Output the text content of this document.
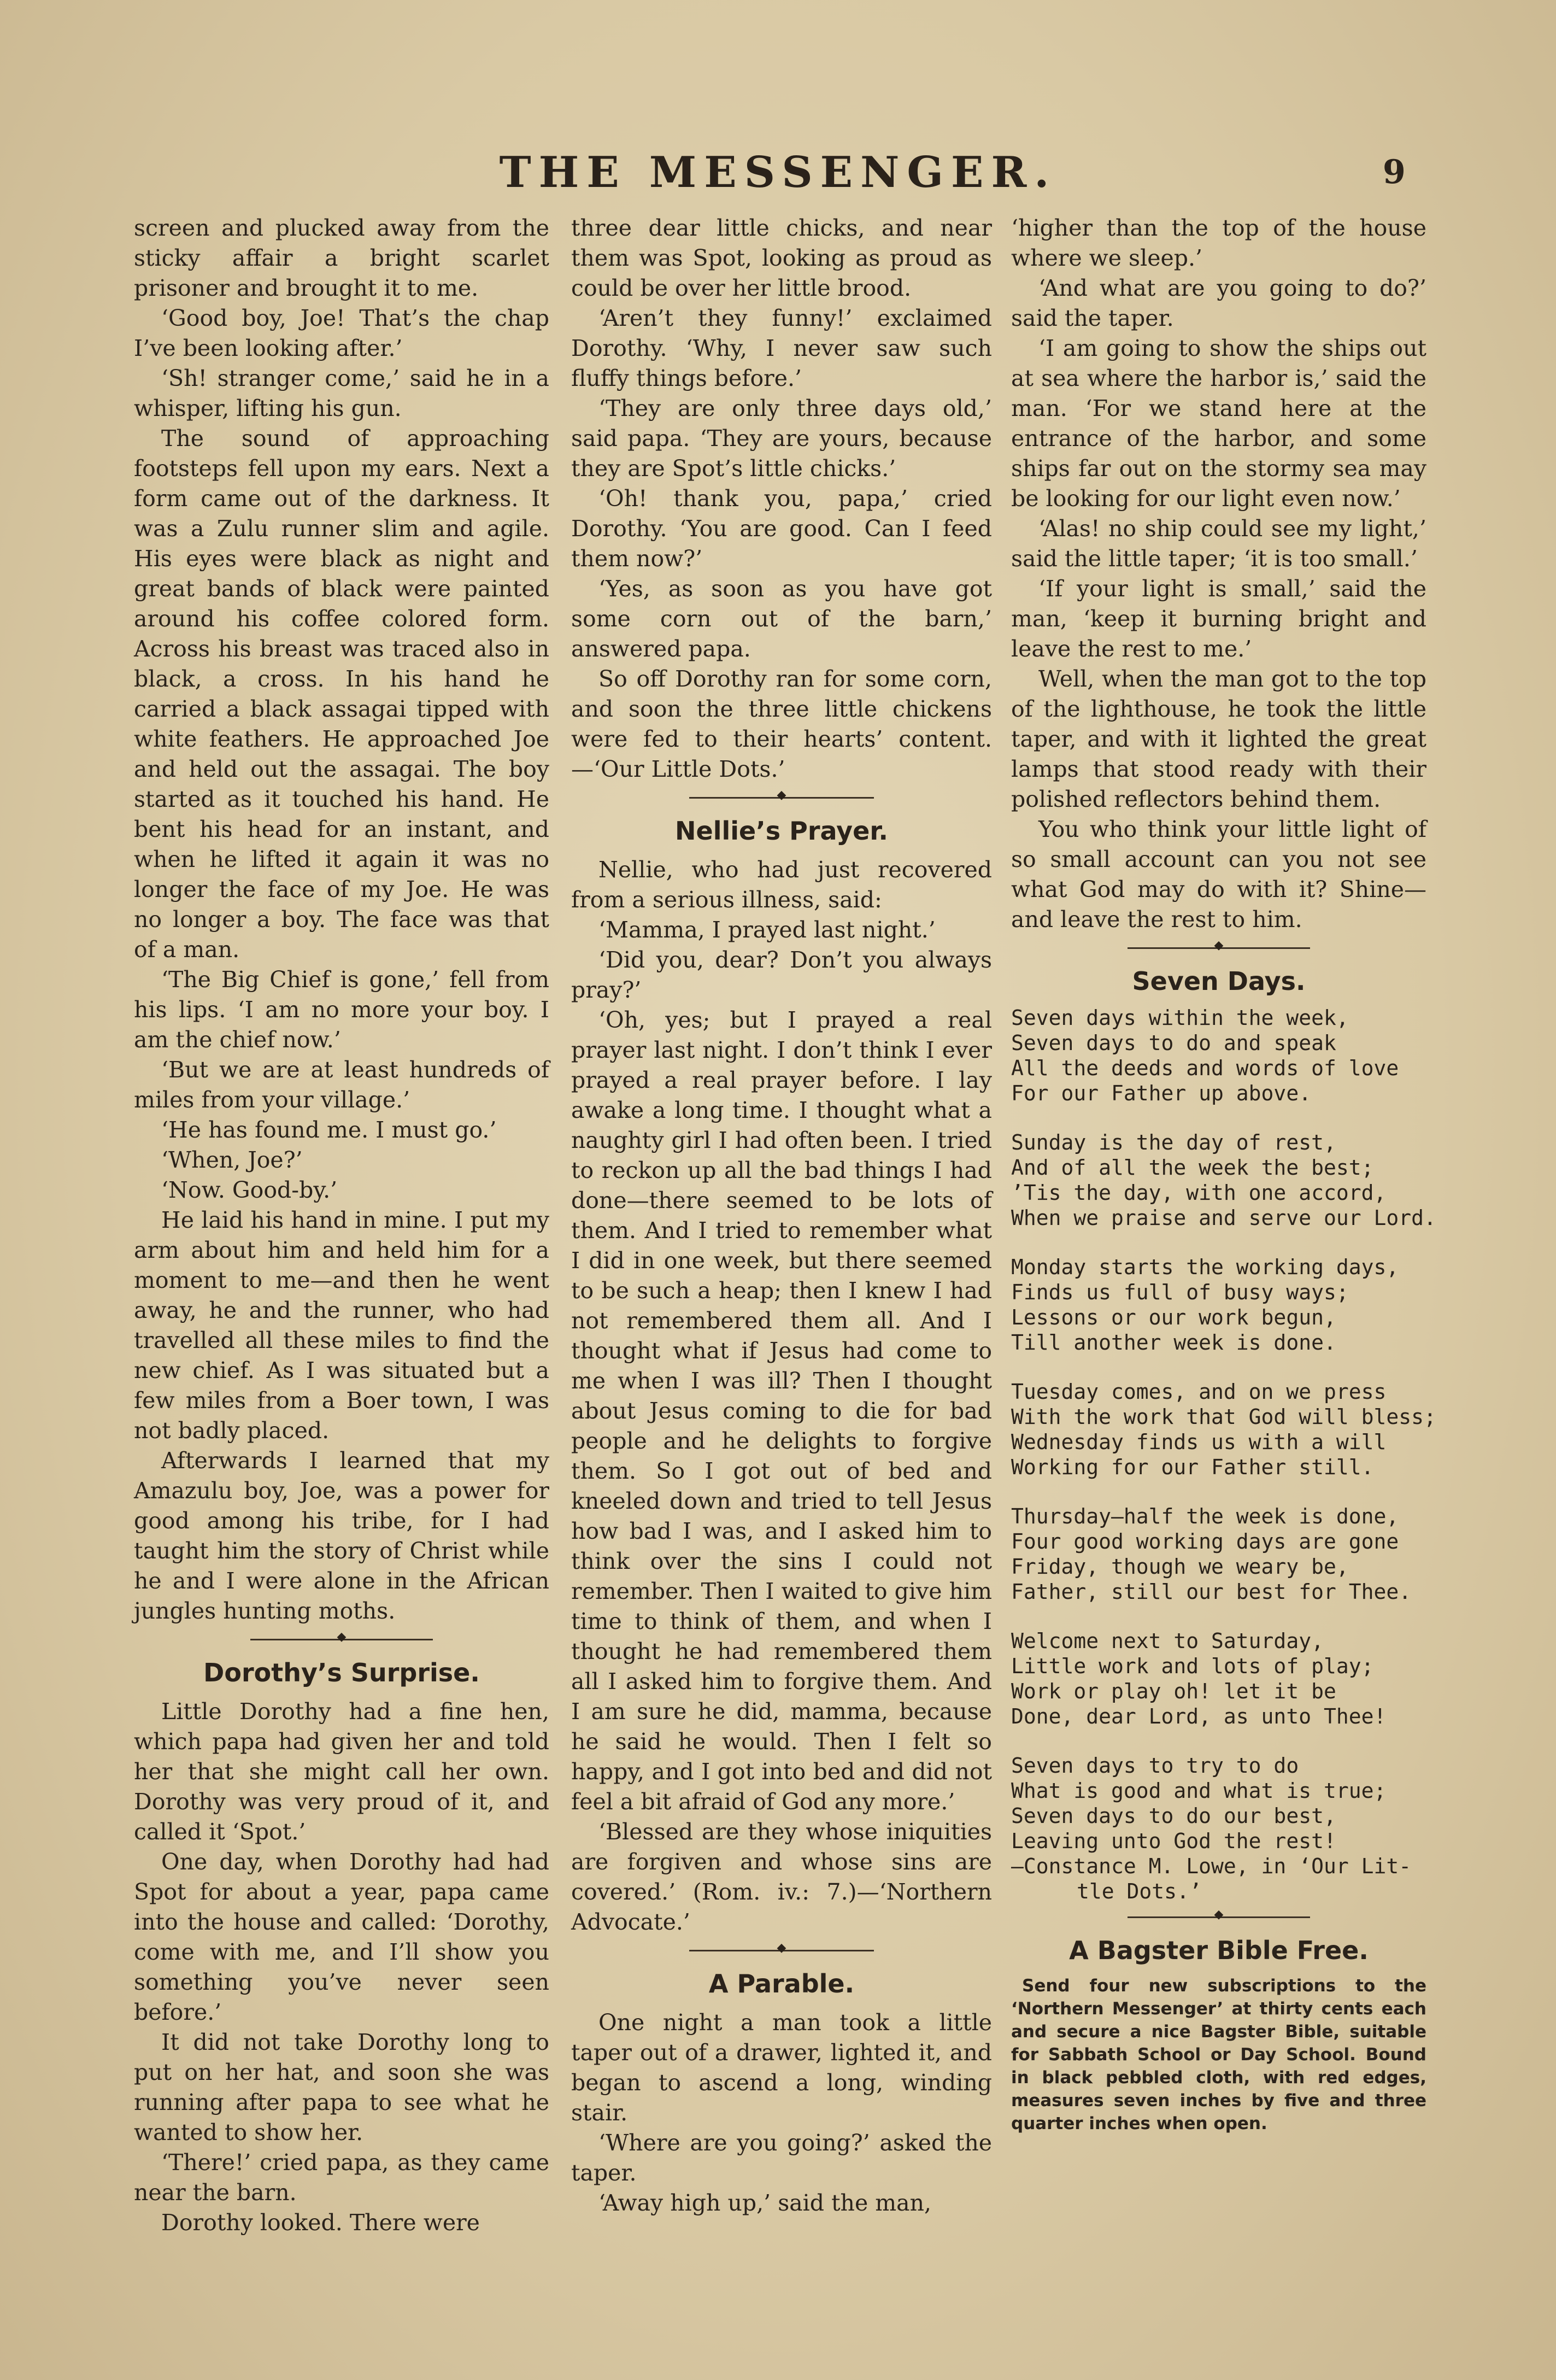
THE MESSENGER.	9

screen and plucked away from the sticky affair a bright scarlet prisoner and brought it to me.

‘Good boy, Joe! That’s the chap I’ve been looking after.’

‘Sh! stranger come,’ said he in a whisper, lifting his gun.

The sound of approaching footsteps fell upon my ears. Next a form came out of the darkness. It was a Zulu runner slim and agile. His eyes were black as night and great bands of black were painted around his coffee colored form. Across his breast was traced also in black, a cross. In his hand he carried a black assagai tipped with white feathers. He approached Joe and held out the assagai. The boy started as it touched his hand. He bent his head for an instant, and when he lifted it again it was no longer the face of my Joe. He was no longer a boy. The face was that of a man.

‘The Big Chief is gone,’ fell from his lips. ‘I am no more your boy. I am the chief now.’

‘But we are at least hundreds of miles from your village.’

‘He has found me. I must go.’

‘When, Joe?’

‘Now. Good-by.’

He laid his hand in mine. I put my arm about him and held him for a moment to me—and then he went away, he and the runner, who had travelled all these miles to find the new chief. As I was situated but a few miles from a Boer town, I was not badly placed.

Afterwards I learned that my Amazulu boy, Joe, was a power for good among his tribe, for I had taught him the story of Christ while he and I were alone in the African jungles hunting moths.

◆
Dorothy’s Surprise.

Little Dorothy had a fine hen, which papa had given her and told her that she might call her own. Dorothy was very proud of it, and called it ‘Spot.’

One day, when Dorothy had had Spot for about a year, papa came into the house and called: ‘Dorothy, come with me, and I’ll show you something you’ve never seen before.’

It did not take Dorothy long to put on her hat, and soon she was running after papa to see what he wanted to show her.

‘There!’ cried papa, as they came near the barn.

Dorothy looked. There were

three dear little chicks, and near them was Spot, looking as proud as could be over her little brood.

‘Aren’t they funny!’ exclaimed Dorothy. ‘Why, I never saw such fluffy things before.’

‘They are only three days old,’ said papa. ‘They are yours, because they are Spot’s little chicks.’

‘Oh! thank you, papa,’ cried Dorothy. ‘You are good. Can I feed them now?’

‘Yes, as soon as you have got some corn out of the barn,’ answered papa.

So off Dorothy ran for some corn, and soon the three little chickens were fed to their hearts’ content.—‘Our Little Dots.’

◆
Nellie’s Prayer.

Nellie, who had just recovered from a serious illness, said:

‘Mamma, I prayed last night.’

‘Did you, dear? Don’t you always pray?’

‘Oh, yes; but I prayed a real prayer last night. I don’t think I ever prayed a real prayer before. I lay awake a long time. I thought what a naughty girl I had often been. I tried to reckon up all the bad things I had done—there seemed to be lots of them. And I tried to remember what I did in one week, but there seemed to be such a heap; then I knew I had not remembered them all. And I thought what if Jesus had come to me when I was ill? Then I thought about Jesus coming to die for bad people and he delights to forgive them. So I got out of bed and kneeled down and tried to tell Jesus how bad I was, and I asked him to think over the sins I could not remember. Then I waited to give him time to think of them, and when I thought he had remembered them all I asked him to forgive them. And I am sure he did, mamma, because he said he would. Then I felt so happy, and I got into bed and did not feel a bit afraid of God any more.’

‘Blessed are they whose iniquities are forgiven and whose sins are covered.’ (Rom. iv.: 7.)—‘Northern Advocate.’

◆
A Parable.

One night a man took a little taper out of a drawer, lighted it, and began to ascend a long, winding stair.

‘Where are you going?’ asked the taper.

‘Away high up,’ said the man,

‘higher than the top of the house where we sleep.’

‘And what are you going to do?’ said the taper.

‘I am going to show the ships out at sea where the harbor is,’ said the man. ‘For we stand here at the entrance of the harbor, and some ships far out on the stormy sea may be looking for our light even now.’

‘Alas! no ship could see my light,’ said the little taper; ‘it is too small.’

‘If your light is small,’ said the man, ‘keep it burning bright and leave the rest to me.’

Well, when the man got to the top of the lighthouse, he took the little taper, and with it lighted the great lamps that stood ready with their polished reflectors behind them.

You who think your little light of so small account can you not see what God may do with it? Shine—and leave the rest to him.

◆
Seven Days.
Seven days within the week,
Seven days to do and speak
All the deeds and words of love
For our Father up above.
Sunday is the day of rest,
And of all the week the best;
’Tis the day, with one accord,
When we praise and serve our Lord.
Monday starts the working days,
Finds us full of busy ways;
Lessons or our work begun,
Till another week is done.
Tuesday comes, and on we press
With the work that God will bless;
Wednesday finds us with a will
Working for our Father still.
Thursday—half the week is done,
Four good working days are gone
Friday, though we weary be,
Father, still our best for Thee.
Welcome next to Saturday,
Little work and lots of play;
Work or play oh! let it be
Done, dear Lord, as unto Thee!
Seven days to try to do
What is good and what is true;
Seven days to do our best,
Leaving unto God the rest!
—Constance M. Lowe, in ‘Our Lit-
tle Dots.’
◆
A Bagster Bible Free.

Send four new subscriptions to the ‘Northern Messenger’ at thirty cents each and secure a nice Bagster Bible, suitable for Sabbath School or Day School. Bound in black pebbled cloth, with red edges, measures seven inches by five and three quarter inches when open.
